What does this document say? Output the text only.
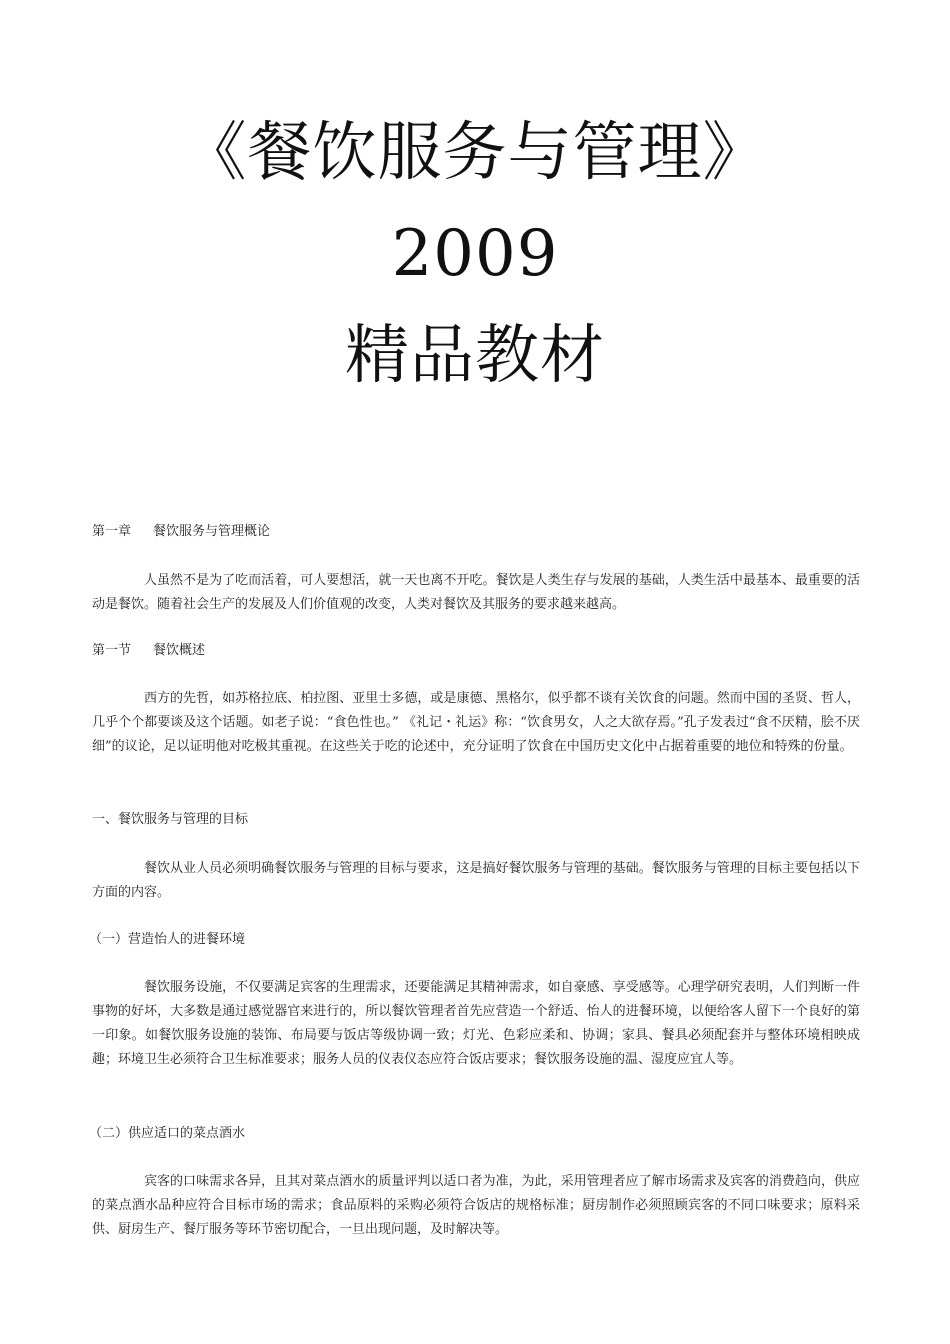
《餐饮服务与管理》
2009
精品教材
第一章 餐饮服务与管理概论
人虽然不是为了吃而活着，可人要想活，就一天也离不开吃。餐饮是人类生存与发展的基础，人类生活中最基本、最重要的活动是餐饮。随着社会生产的发展及人们价值观的改变，人类对餐饮及其服务的要求越来越高。
第一节 餐饮概述
西方的先哲，如苏格拉底、柏拉图、亚里士多德，或是康德、黑格尔，似乎都不谈有关饮食的问题。然而中国的圣贤、哲人，几乎个个都要谈及这个话题。如老子说：“食色性也。” 《礼记・礼运》称：“饮食男女，人之大欲存焉。”孔子发表过“食不厌精，脍不厌细”的议论，足以证明他对吃极其重视。在这些关于吃的论述中，充分证明了饮食在中国历史文化中占据着重要的地位和特殊的份量。
一、餐饮服务与管理的目标
餐饮从业人员必须明确餐饮服务与管理的目标与要求，这是搞好餐饮服务与管理的基础。餐饮服务与管理的目标主要包括以下方面的内容。
（一）营造怡人的进餐环境
餐饮服务设施，不仅要满足宾客的生理需求，还要能满足其精神需求，如自豪感、享受感等。心理学研究表明，人们判断一件事物的好坏，大多数是通过感觉器官来进行的，所以餐饮管理者首先应营造一个舒适、怡人的进餐环境，以便给客人留下一个良好的第一印象。如餐饮服务设施的装饰、布局要与饭店等级协调一致；灯光、色彩应柔和、协调；家具、餐具必须配套并与整体环境相映成趣；环境卫生必须符合卫生标准要求；服务人员的仪表仪态应符合饭店要求；餐饮服务设施的温、湿度应宜人等。
（二）供应适口的菜点酒水
宾客的口味需求各异，且其对菜点酒水的质量评判以适口者为准，为此，采用管理者应了解市场需求及宾客的消费趋向，供应的菜点酒水品种应符合目标市场的需求；食品原料的采购必须符合饭店的规格标准；厨房制作必须照顾宾客的不同口味要求；原料采供、厨房生产、餐厅服务等环节密切配合，一旦出现问题，及时解决等。
